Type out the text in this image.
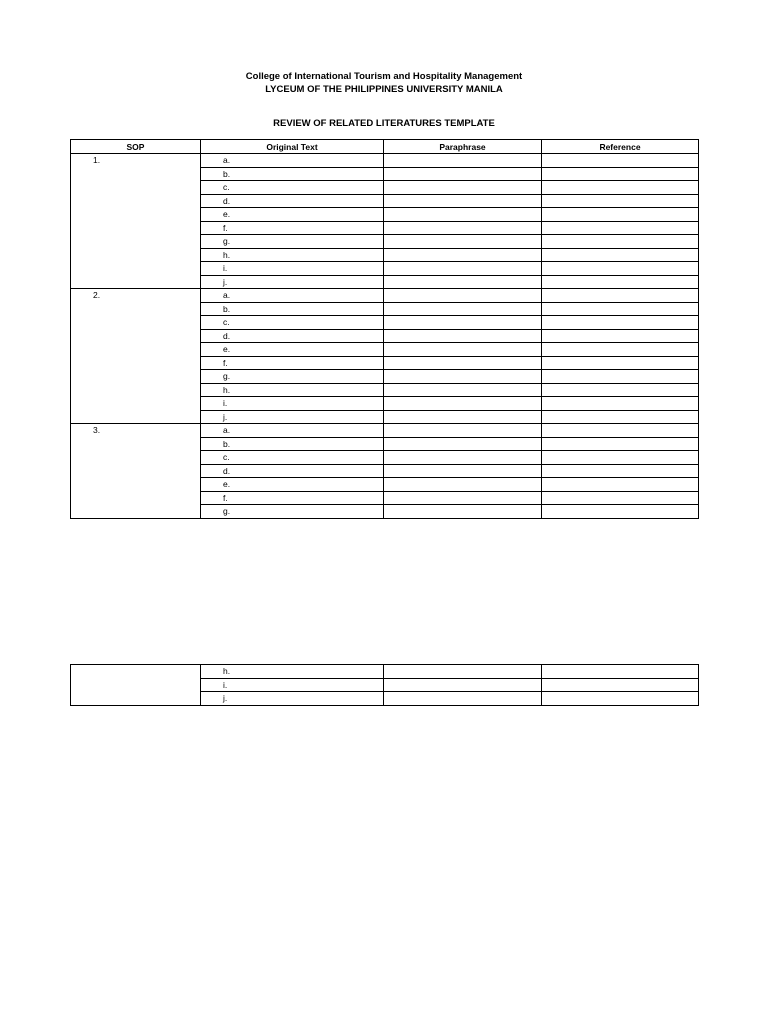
College of International Tourism and Hospitality Management
LYCEUM OF THE PHILIPPINES UNIVERSITY MANILA
REVIEW OF RELATED LITERATURES TEMPLATE
SOP	Original Text	Paraphrase	Reference
1.	a.		
	b.		
	c.		
	d.		
	e.		
	f.		
	g.		
	h.		
	i.		
	j.		
2.	a.		
	b.		
	c.		
	d.		
	e.		
	f.		
	g.		
	h.		
	i.		
	j.		
3.	a.		
	b.		
	c.		
	d.		
	e.		
	f.		
	g.		
	h.		
	i.		
	j.		
